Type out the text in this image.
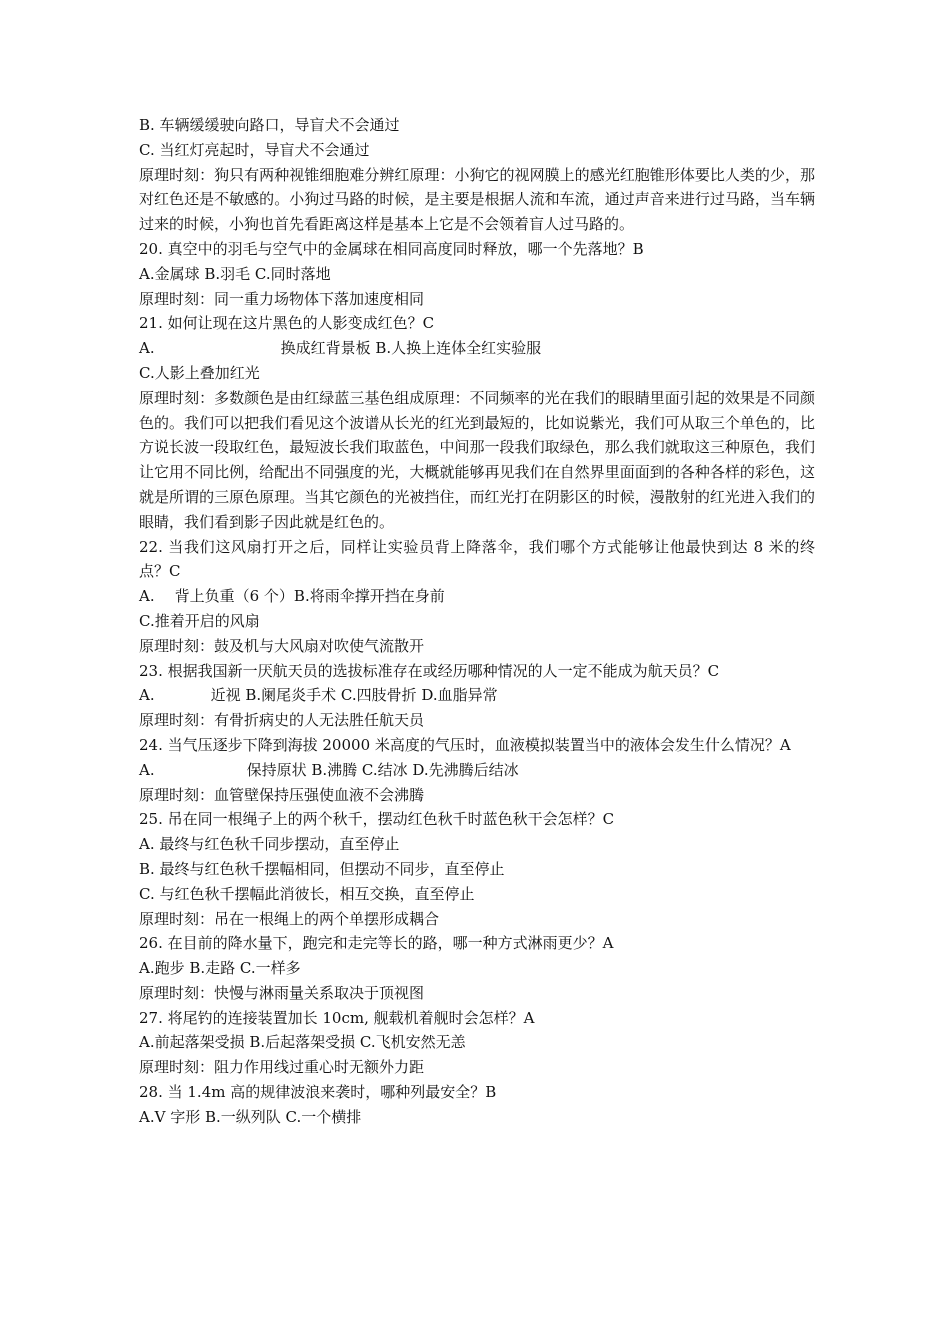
B. 车辆缓缓驶向路口，导盲犬不会通过
C. 当红灯亮起时，导盲犬不会通过
原理时刻：狗只有两种视锥细胞难分辨红原理：小狗它的视网膜上的感光红胞锥形体要比人类的少，那对红色还是不敏感的。小狗过马路的时候，是主要是根据人流和车流，通过声音来进行过马路，当车辆过来的时候，小狗也首先看距离这样是基本上它是不会领着盲人过马路的。
20. 真空中的羽毛与空气中的金属球在相同高度同时释放，哪一个先落地？B
A.金属球 B.羽毛 C.同时落地
原理时刻：同一重力场物体下落加速度相同
21. 如何让现在这片黑色的人影变成红色？C
A.	换成红背景板 B.人换上连体全红实验服
C.人影上叠加红光
原理时刻：多数颜色是由红绿蓝三基色组成原理：不同频率的光在我们的眼睛里面引起的效果是不同颜色的。我们可以把我们看见这个波谱从长光的红光到最短的，比如说紫光，我们可从取三个单色的，比方说长波一段取红色，最短波长我们取蓝色，中间那一段我们取绿色，那么我们就取这三种原色，我们让它用不同比例，给配出不同强度的光，大概就能够再见我们在自然界里面面到的各种各样的彩色，这就是所谓的三原色原理。当其它颜色的光被挡住，而红光打在阴影区的时候，漫散射的红光进入我们的眼睛，我们看到影子因此就是红色的。
22. 当我们这风扇打开之后，同样让实验员背上降落伞，我们哪个方式能够让他最快到达 8 米的终点？C
A. 背上负重（6 个）B.将雨伞撑开挡在身前
C.推着开启的风扇
原理时刻：鼓及机与大风扇对吹使气流散开
23. 根据我国新一厌航天员的选拔标准存在或经历哪种情况的人一定不能成为航天员？C
A.	近视 B.阑尾炎手术 C.四肢骨折 D.血脂异常
原理时刻：有骨折病史的人无法胜任航天员
24. 当气压逐步下降到海拔 20000 米高度的气压时，血液模拟装置当中的液体会发生什么情况？A
A.	保持原状 B.沸腾 C.结冰 D.先沸腾后结冰
原理时刻：血管壁保持压强使血液不会沸腾
25. 吊在同一根绳子上的两个秋千，摆动红色秋千时蓝色秋干会怎样？C
A. 最终与红色秋千同步摆动，直至停止
B. 最终与红色秋千摆幅相同，但摆动不同步，直至停止
C. 与红色秋千摆幅此消彼长，相互交换，直至停止
原理时刻：吊在一根绳上的两个单摆形成耦合
26. 在目前的降水量下，跑完和走完等长的路，哪一种方式淋雨更少？A
A.跑步 B.走路 C.一样多
原理时刻：快慢与淋雨量关系取决于顶视图
27. 将尾钓的连接装置加长 10cm, 舰载机着舰时会怎样？A
A.前起落架受损 B.后起落架受损 C.飞机安然无恙
原理时刻：阻力作用线过重心时无额外力距
28. 当 1.4m 高的规律波浪来袭时，哪种列最安全？B
A.V 字形 B.一纵列队 C.一个横排
